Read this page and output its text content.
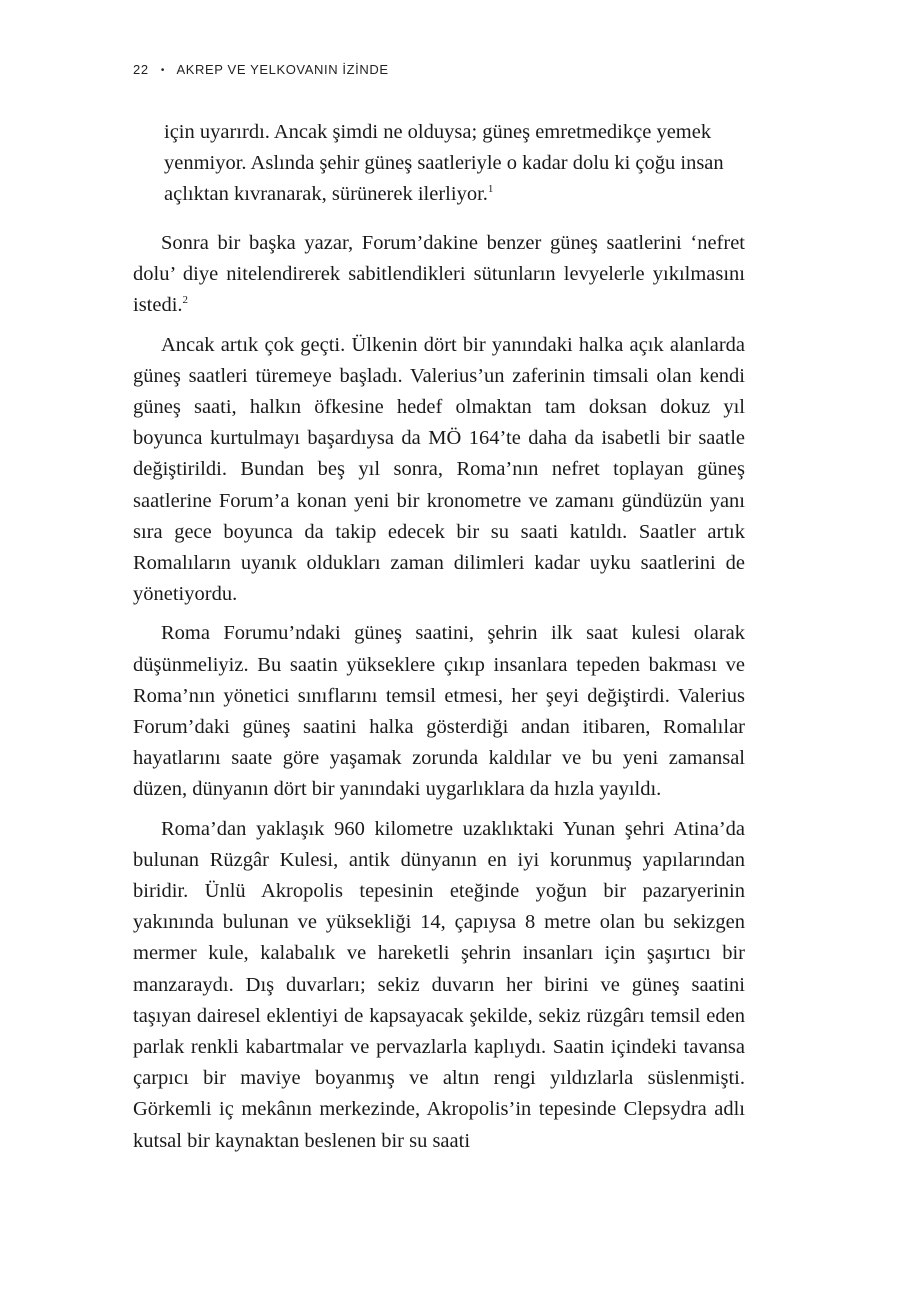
22 • AKREP VE YELKOVANIN İZİNDE
için uyarırdı. Ancak şimdi ne olduysa; güneş emretmedikçe yemek yenmiyor. Aslında şehir güneş saatleriyle o kadar dolu ki çoğu insan açlıktan kıvranarak, sürünerek ilerliyor.$^1$

Sonra bir başka yazar, Forum’dakine benzer güneş saatlerini ‘nefret dolu’ diye nitelendirerek sabitlendikleri sütunların levyelerle yıkılmasını istedi.$^2$

Ancak artık çok geçti. Ülkenin dört bir yanındaki halka açık alanlarda güneş saatleri türemeye başladı. Valerius’un zaferinin timsali olan kendi güneş saati, halkın öfkesine hedef olmaktan tam doksan dokuz yıl boyunca kurtulmayı başardıysa da MÖ 164’te daha da isabetli bir saatle değiştirildi. Bundan beş yıl sonra, Roma’nın nefret toplayan güneş saatlerine Forum’a konan yeni bir kronometre ve zamanı gündüzün yanı sıra gece boyunca da takip edecek bir su saati katıldı. Saatler artık Romalıların uyanık oldukları zaman dilimleri kadar uyku saatlerini de yönetiyordu.

Roma Forumu’ndaki güneş saatini, şehrin ilk saat kulesi olarak düşünmeliyiz. Bu saatin yükseklere çıkıp insanlara tepeden bakması ve Roma’nın yönetici sınıflarını temsil etmesi, her şeyi değiştirdi. Valerius Forum’daki güneş saatini halka gösterdiği andan itibaren, Romalılar hayatlarını saate göre yaşamak zorunda kaldılar ve bu yeni zamansal düzen, dünyanın dört bir yanındaki uygarlıklara da hızla yayıldı.

Roma’dan yaklaşık 960 kilometre uzaklıktaki Yunan şehri Atina’da bulunan Rüzgâr Kulesi, antik dünyanın en iyi korunmuş yapılarından biridir. Ünlü Akropolis tepesinin eteğinde yoğun bir pazaryerinin yakınında bulunan ve yüksekliği 14, çapıysa 8 metre olan bu sekizgen mermer kule, kalabalık ve hareketli şehrin insanları için şaşırtıcı bir manzaraydı. Dış duvarları; sekiz duvarın her birini ve güneş saatini taşıyan dairesel eklentiyi de kapsayacak şekilde, sekiz rüzgârı temsil eden parlak renkli kabartmalar ve pervazlarla kaplıydı. Saatin içindeki tavansa çarpıcı bir maviye boyanmış ve altın rengi yıldızlarla süslenmişti. Görkemli iç mekânın merkezinde, Akropolis’in tepesinde Clepsydra adlı kutsal bir kaynaktan beslenen bir su saati
